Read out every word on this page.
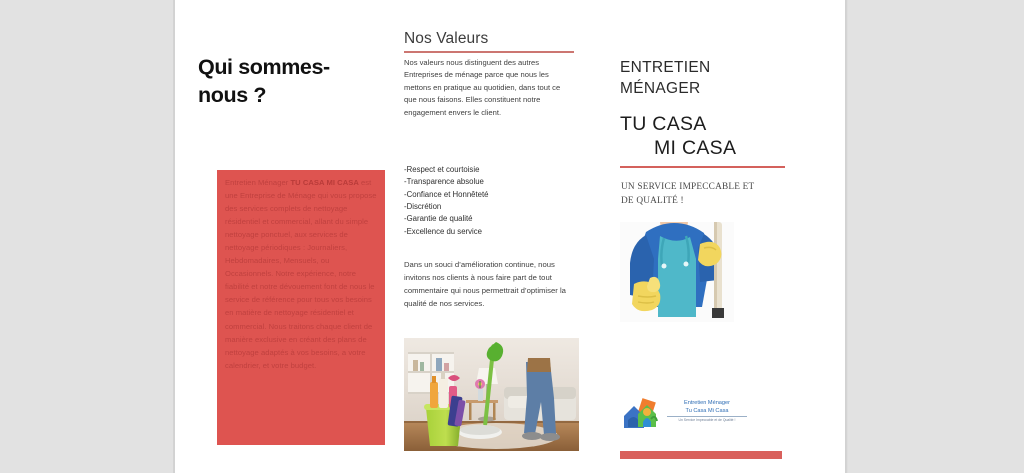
Qui sommes-
nous ?
Entretien Ménager TU CASA MI CASA est une Entreprise de Ménage qui vous propose des services complets de nettoyage résidentiel et commercial, allant du simple nettoyage ponctuel, aux services de nettoyage périodiques : Journaliers, Hebdomadaires, Mensuels, ou Occasionnels. Notre expérience, notre fiabilité et notre dévouement font de nous le service de référence pour tous vos besoins en matière de nettoyage résidentiel et commercial. Nous traitons chaque client de manière exclusive en créant des plans de nettoyage adaptés à vos besoins, a votre calendrier, et votre budget.
Nos Valeurs
Nos valeurs nous distinguent des autres Entreprises de ménage parce que nous les mettons en pratique au quotidien, dans tout ce que nous faisons. Elles constituent notre engagement envers le client.
-Respect et courtoisie
-Transparence absolue
-Confiance et Honnêteté
-Discrétion
-Garantie de qualité
-Excellence du service
Dans un souci d’amélioration continue, nous invitons nos clients à nous faire part de tout commentaire qui nous permettrait d’optimiser la qualité de nos services.
ENTRETIEN
MÉNAGER
TU CASA
MI CASA
UN SERVICE IMPECCABLE ET
DE QUALITÉ !
Entretien Ménager
Tu Casa Mi Casa
Un Service Impeccable et de Qualité !
